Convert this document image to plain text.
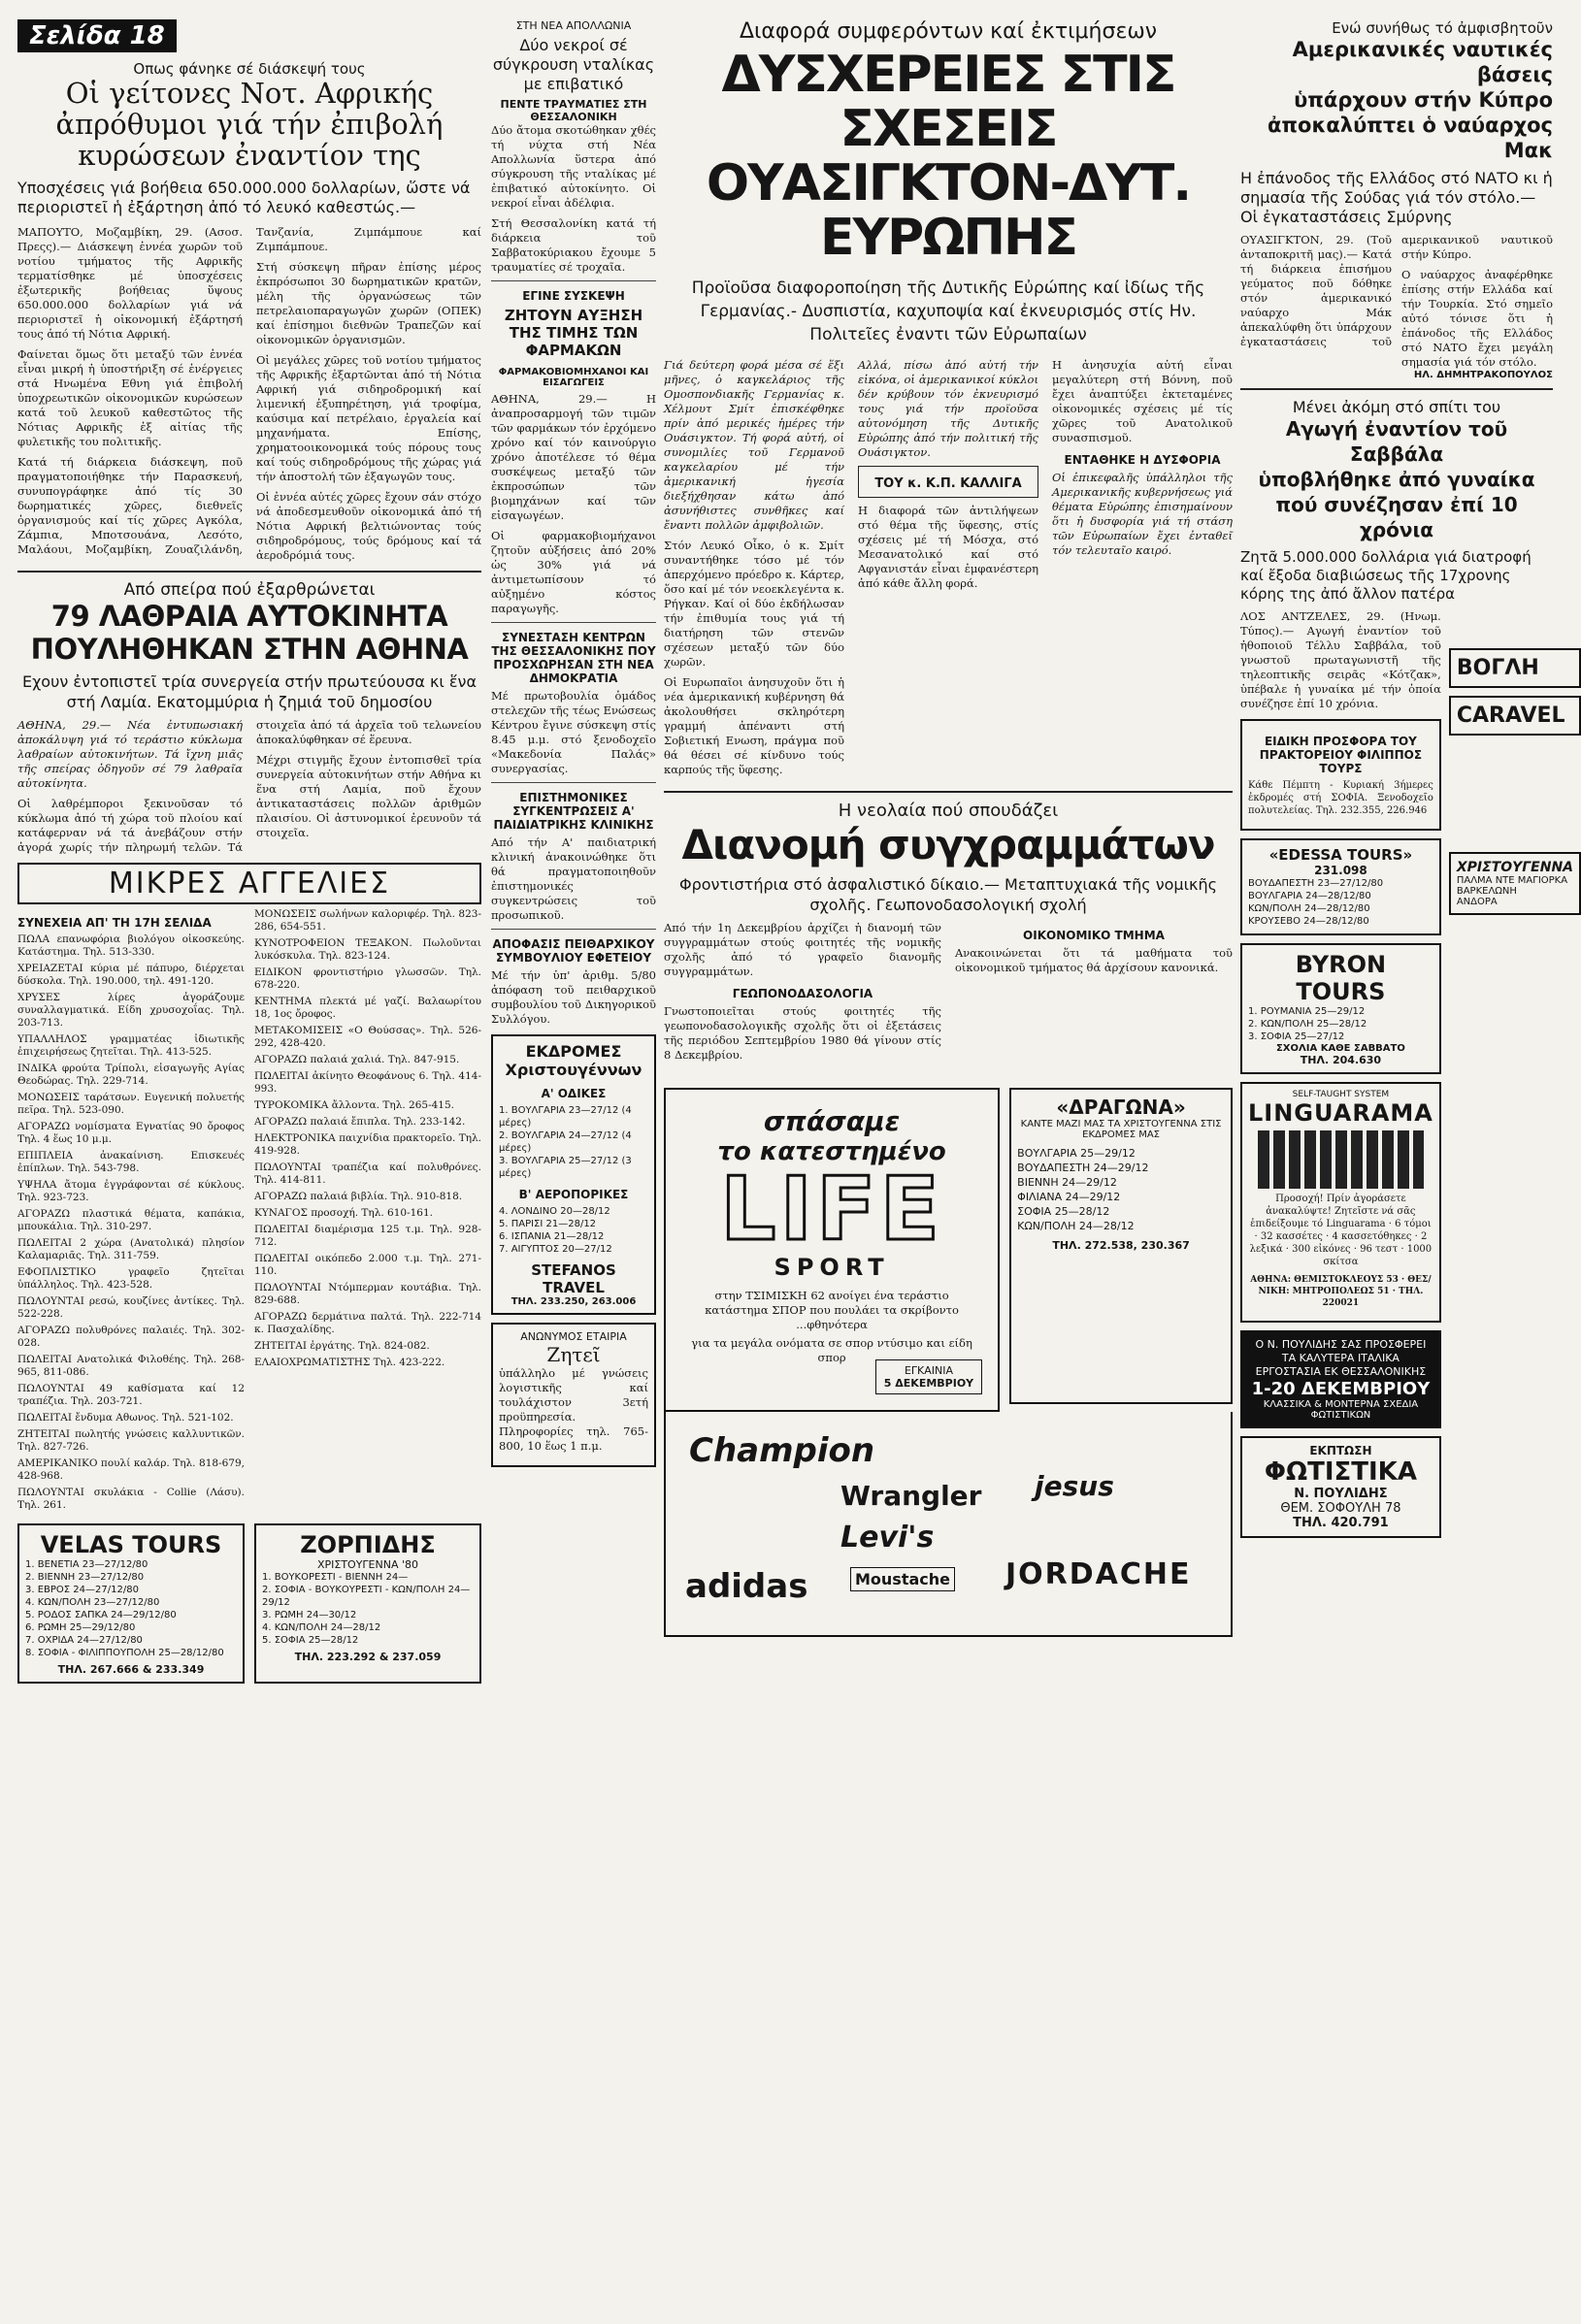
Σελίδα 18
Οπως φάνηκε σέ διάσκεψή τους
Οἱ γείτονες Νοτ. Αφρικής
ἀπρόθυμοι γιά τήν ἐπιβολή
κυρώσεων ἐναντίον της
Υποσχέσεις γιά βοήθεια 650.000.000 δολλαρίων, ὥστε νά περιοριστεῖ ἡ ἐξάρτηση ἀπό τό λευκό καθεστώς.—

ΜΑΠΟΥΤΟ, Μοζαμβίκη, 29. (Ασοσ. Πρεςς).— Διάσκεψη ἐννέα χωρῶν τοῦ νοτίου τμήματος τῆς Αφρικῆς τερματίσθηκε μέ ὑποσχέσεις ἐξωτερικῆς βοήθειας ὕψους 650.000.000 δολλαρίων γιά νά περιοριστεῖ ἡ οἰκονομική ἐξάρτησή τους ἀπό τή Νότια Αφρική.

Φαίνεται ὅμως ὅτι μεταξύ τῶν ἐννέα εἶναι μικρή ἡ ὑποστήριξη σέ ἐνέργειες στά Ηνωμένα Εθνη γιά ἐπιβολή ὑποχρεωτικῶν οἰκονομικῶν κυρώσεων κατά τοῦ λευκοῦ καθεστῶτος τῆς Νότιας Αφρικῆς ἐξ αἰτίας τῆς φυλετικῆς του πολιτικῆς.

Κατά τή διάρκεια διάσκεψη, ποῦ πραγματοποιήθηκε τήν Παρασκευή, συνυπογράφηκε ἀπό τίς 30 δωρηματικές χῶρες, διεθνεῖς ὀργανισμούς καί τίς χῶρες Αγκόλα, Ζάμπια, Μποτσουάνα, Λεσότο, Μαλάουι, Μοζαμβίκη, Ζουαζιλάνδη, Τανζανία, Ζιμπάμπουε καί Ζιμπάμπουε.

Στή σύσκεψη πῆραν ἐπίσης μέρος ἐκπρόσωποι 30 δωρηματικῶν κρατῶν, μέλη τῆς ὀργανώσεως τῶν πετρελαιοπαραγωγῶν χωρῶν (ΟΠΕΚ) καί ἐπίσημοι διεθνῶν Τραπεζῶν καί οἰκονομικῶν ὀργανισμῶν.

Οἱ μεγάλες χῶρες τοῦ νοτίου τμήματος τῆς Αφρικῆς ἐξαρτῶνται ἀπό τή Νότια Αφρική γιά σιδηροδρομική καί λιμενική ἐξυπηρέτηση, γιά τροφίμα, καύσιμα καί πετρέλαιο, ἐργαλεία καί μηχανήματα. Επίσης, χρηματοοικονομικά τούς πόρους τους καί τούς σιδηροδρόμους τῆς χώρας γιά τήν ἀποστολή τῶν ἐξαγωγῶν τους.

Οἱ ἐννέα αὐτές χῶρες ἔχουν σάν στόχο νά ἀποδεσμευθοῦν οἰκονομικά ἀπό τή Νότια Αφρική βελτιώνοντας τούς σιδηροδρόμους, τούς δρόμους καί τά ἀεροδρόμιά τους.

Από σπείρα πού ἐξαρθρώνεται
79 ΛΑΘΡΑΙΑ ΑΥΤΟΚΙΝΗΤΑ
ΠΟΥΛΗΘΗΚΑΝ ΣΤΗΝ ΑΘΗΝΑ
Εχουν ἐντοπιστεῖ τρία συνεργεία στήν πρωτεύουσα κι ἕνα στή Λαμία. Εκατομμύρια ἡ ζημιά τοῦ δημοσίου

ΑΘΗΝΑ, 29.— Νέα ἐντυπωσιακή ἀποκάλυψη γιά τό τεράστιο κύκλωμα λαθραίων αὐτοκινήτων. Τά ἴχνη μιᾶς τῆς σπείρας ὁδηγοῦν σέ 79 λαθραῖα αὐτοκίνητα.

Οἱ λαθρέμποροι ξεκινοῦσαν τό κύκλωμα ἀπό τή χώρα τοῦ πλοίου καί κατάφερναν νά τά ἀνεβάζουν στήν ἀγορά χωρίς τήν πληρωμή τελῶν. Τά στοιχεῖα ἀπό τά ἀρχεῖα τοῦ τελωνείου ἀποκαλύφθηκαν σέ ἕρευνα.

Μέχρι στιγμῆς ἔχουν ἐντοπισθεῖ τρία συνεργεία αὐτοκινήτων στήν Αθήνα κι ἕνα στή Λαμία, ποῦ ἔχουν ἀντικαταστάσεις πολλῶν ἀριθμῶν πλαισίου. Οἱ ἀστυνομικοί ἐρευνοῦν τά στοιχεῖα.

ΜΙΚΡΕΣ ΑΓΓΕΛΙΕΣ
ΣΥΝΕΧΕΙΑ ΑΠ' ΤΗ 17Η ΣΕΛΙΔΑ
ΠΩΛΑ επανωφόρια βιολόγου οἰκοσκεύης. Κατάστημα. Τηλ. 513-330.
ΧΡΕΙΑΖΕΤΑΙ κύρια μέ πάπυρο, διέρχεται δύσκολα. Τηλ. 190.000, τηλ. 491-120.
ΧΡΥΣΕΣ λίρες ἀγοράζουμε συναλλαγματικά. Είδη χρυσοχοΐας. Τηλ. 203-713.
ΥΠΑΛΛΗΛΟΣ γραμματέας ἰδιωτικῆς ἐπιχειρήσεως ζητεῖται. Τηλ. 413-525.
ΙΝΔΙΚΑ φρούτα Τρίπολι, εἰσαγωγῆς Αγίας Θεοδώρας. Τηλ. 229-714.
ΜΟΝΩΣΕΙΣ ταράτσων. Ευγενική πολυετής πεῖρα. Τηλ. 523-090.
ΑΓΟΡΑΖΩ νομίσματα Εγνατίας 90 ὄροφος Τηλ. 4 ἕως 10 μ.μ.
ΕΠΙΠΛΕΙΑ ἀνακαίνιση. Επισκευές ἐπίπλων. Τηλ. 543-798.
ΥΨΗΛΑ ἄτομα ἐγγράφονται σέ κύκλους. Τηλ. 923-723.
ΑΓΟΡΑΖΩ πλαστικά θέματα, καπάκια, μπουκάλια. Τηλ. 310-297.
ΠΩΛΕΙΤΑΙ 2 χώρα (Ανατολικά) πλησίον Καλαμαριᾶς. Τηλ. 311-759.
ΕΦΟΠΛΙΣΤΙΚΟ γραφεῖο ζητεῖται ὑπάλληλος. Τηλ. 423-528.
ΠΩΛΟΥΝΤΑΙ ρεσώ, κουζίνες ἀντίκες. Τηλ. 522-228.
ΑΓΟΡΑΖΩ πολυθρόνες παλαιές. Τηλ. 302-028.
ΠΩΛΕΙΤΑΙ Ανατολικά Φιλοθέης. Τηλ. 268-965, 811-086.
ΠΩΛΟΥΝΤΑΙ 49 καθίσματα καί 12 τραπέζια. Τηλ. 203-721.
ΠΩΛΕΙΤΑΙ ἔνδυμα Αθωνος. Τηλ. 521-102.
ΖΗΤΕΙΤΑΙ πωλητής γνώσεις καλλυντικῶν. Τηλ. 827-726.
ΑΜΕΡΙΚΑΝΙΚΟ πουλί καλάρ. Τηλ. 818-679, 428-968.
ΠΩΛΟΥΝΤΑΙ σκυλάκια - Collie (Λάσυ). Τηλ. 261.
ΜΟΝΩΣΕΙΣ σωλήνων καλοριφέρ. Τηλ. 823-286, 654-551.
ΚΥΝΟΤΡΟΦΕΙΟΝ ΤΕΞΑΚΟΝ. Πωλοῦνται λυκόσκυλα. Τηλ. 823-124.
ΕΙΔΙΚΟΝ φροντιστήριο γλωσσῶν. Τηλ. 678-220.
ΚΕΝΤΗΜΑ πλεκτά μέ γαζί. Βαλαωρίτου 18, 1ος ὄροφος.
ΜΕΤΑΚΟΜΙΣΕΙΣ «Ο Θούσσας». Τηλ. 526-292, 428-420.
ΑΓΟΡΑΖΩ παλαιά χαλιά. Τηλ. 847-915.
ΠΩΛΕΙΤΑΙ ἀκίνητο Θεοφάνους 6. Τηλ. 414-993.
ΤΥΡΟΚΟΜΙΚΑ ἄλλοντα. Τηλ. 265-415.
ΑΓΟΡΑΖΩ παλαιά ἔπιπλα. Τηλ. 233-142.
ΗΛΕΚΤΡΟΝΙΚΑ παιχνίδια πρακτορεῖο. Τηλ. 419-928.
ΠΩΛΟΥΝΤΑΙ τραπέζια καί πολυθρόνες. Τηλ. 414-811.
ΑΓΟΡΑΖΩ παλαιά βιβλία. Τηλ. 910-818.
ΚΥΝΑΓΟΣ προσοχή. Τηλ. 610-161.
ΠΩΛΕΙΤΑΙ διαμέρισμα 125 τ.μ. Τηλ. 928-712.
ΠΩΛΕΙΤΑΙ οικόπεδο 2.000 τ.μ. Τηλ. 271-110.
ΠΩΛΟΥΝΤΑΙ Ντόμπερμαν κουτάβια. Τηλ. 829-688.
ΑΓΟΡΑΖΩ δερμάτινα παλτά. Τηλ. 222-714 κ. Πασχαλίδης.
ΖΗΤΕΙΤΑΙ ἐργάτης. Τηλ. 824-082.
ΕΛΑΙΟΧΡΩΜΑΤΙΣΤΗΣ Τηλ. 423-222.
VELAS TOURS
1. ΒΕΝΕΤΙΑ 23—27/12/80
2. ΒΙΕΝΝΗ 23—27/12/80
3. ΕΒΡΟΣ 24—27/12/80
4. ΚΩΝ/ΠΟΛΗ 23—27/12/80
5. ΡΟΔΟΣ ΣΑΠΚΑ 24—29/12/80
6. ΡΩΜΗ 25—29/12/80
7. ΟΧΡΙΔΑ 24—27/12/80
8. ΣΟΦΙΑ - ΦΙΛΙΠΠΟΥΠΟΛΗ 25—28/12/80
ΤΗΛ. 267.666 & 233.349
ΖΟΡΠΙΔΗΣ
ΧΡΙΣΤΟΥΓΕΝΝΑ '80
1. ΒΟΥΚΟΡΕΣΤΙ - ΒΙΕΝΝΗ 24—
2. ΣΟΦΙΑ - ΒΟΥΚΟΥΡΕΣΤΙ - ΚΩΝ/ΠΟΛΗ 24—29/12
3. ΡΩΜΗ 24—30/12
4. ΚΩΝ/ΠΟΛΗ 24—28/12
5. ΣΟΦΙΑ 25—28/12
ΤΗΛ. 223.292 & 237.059
ΣΤΗ ΝΕΑ ΑΠΟΛΛΩΝΙΑ
Δύο νεκροί σέ σύγκρουση νταλίκας με επιβατικό
ΠΕΝΤΕ ΤΡΑΥΜΑΤΙΕΣ ΣΤΗ ΘΕΣΣΑΛΟΝΙΚΗ

Δύο ἄτομα σκοτώθηκαν χθές τή νύχτα στή Νέα Απολλωνία ὕστερα ἀπό σύγκρουση τῆς νταλίκας μέ ἐπιβατικό αὐτοκίνητο. Οἱ νεκροί εἶναι ἀδέλφια.

Στή Θεσσαλονίκη κατά τή διάρκεια τοῦ Σαββατοκύριακου ἔχουμε 5 τραυματίες σέ τροχαῖα.

ΕΓΙΝΕ ΣΥΣΚΕΨΗ
ΖΗΤΟΥΝ ΑΥΞΗΣΗ ΤΗΣ ΤΙΜΗΣ ΤΩΝ ΦΑΡΜΑΚΩΝ
ΦΑΡΜΑΚΟΒΙΟΜΗΧΑΝΟΙ ΚΑΙ ΕΙΣΑΓΩΓΕΙΣ

ΑΘΗΝΑ, 29.— Η ἀναπροσαρμογή τῶν τιμῶν τῶν φαρμάκων τόν ἐρχόμενο χρόνο καί τόν καινούργιο χρόνο ἀποτέλεσε τό θέμα συσκέψεως μεταξύ τῶν ἐκπροσώπων τῶν βιομηχάνων καί τῶν εἰσαγωγέων.

Οἱ φαρμακοβιομήχανοι ζητοῦν αὐξήσεις ἀπό 20% ὡς 30% γιά νά ἀντιμετωπίσουν τό αὐξημένο κόστος παραγωγῆς.

ΣΥΝΕΣΤΑΣΗ ΚΕΝΤΡΩΝ ΤΗΣ ΘΕΣΣΑΛΟΝΙΚΗΣ ΠΟΥ ΠΡΟΣΧΩΡΗΣΑΝ ΣΤΗ ΝΕΑ ΔΗΜΟΚΡΑΤΙΑ

Μέ πρωτοβουλία ὁμάδος στελεχῶν τῆς τέως Ενώσεως Κέντρου ἔγινε σύσκεψη στίς 8.45 μ.μ. στό ξενοδοχεῖο «Μακεδονία Παλάς» συνεργασίας.

ΕΠΙΣΤΗΜΟΝΙΚΕΣ ΣΥΓΚΕΝΤΡΩΣΕΙΣ Α' ΠΑΙΔΙΑΤΡΙΚΗΣ ΚΛΙΝΙΚΗΣ

Από τήν Α' παιδιατρική κλινική ἀνακοινώθηκε ὅτι θά πραγματοποιηθοῦν ἐπιστημονικές συγκεντρώσεις τοῦ προσωπικοῦ.

ΑΠΟΦΑΣΙΣ ΠΕΙΘΑΡΧΙΚΟΥ ΣΥΜΒΟΥΛΙΟΥ ΕΦΕΤΕΙΟΥ

Μέ τήν ὑπ' ἀριθμ. 5/80 ἀπόφαση τοῦ πειθαρχικοῦ συμβουλίου τοῦ Δικηγορικοῦ Συλλόγου.

ΕΚΔΡΟΜΕΣ Χριστουγέννων
Α' ΟΔΙΚΕΣ
1. ΒΟΥΛΓΑΡΙΑ 23—27/12 (4 μέρες)
2. ΒΟΥΛΓΑΡΙΑ 24—27/12 (4 μέρες)
3. ΒΟΥΛΓΑΡΙΑ 25—27/12 (3 μέρες)
Β' ΑΕΡΟΠΟΡΙΚΕΣ
4. ΛΟΝΔΙΝΟ 20—28/12
5. ΠΑΡΙΣΙ 21—28/12
6. ΙΣΠΑΝΙΑ 21—28/12
7. ΑΙΓΥΠΤΟΣ 20—27/12
STEFANOS TRAVEL
ΤΗΛ. 233.250, 263.006
ΑΝΩΝΥΜΟΣ ΕΤΑΙΡΙΑ
Ζητεῖ

ὑπάλληλο μέ γνώσεις λογιστικῆς καί τουλάχιστον 3ετή προϋπηρεσία. Πληροφορίες τηλ. 765-800, 10 ἕως 1 π.μ.

Διαφορά συμφερόντων καί ἐκτιμήσεων
ΔΥΣΧΕΡΕΙΕΣ ΣΤΙΣ ΣΧΕΣΕΙΣ
ΟΥΑΣΙΓΚΤΟΝ-ΔΥΤ. ΕΥΡΩΠΗΣ
Προϊοῦσα διαφοροποίηση τῆς Δυτικῆς Εὐρώπης καί ἰδίως τῆς Γερμανίας.- Δυσπιστία, καχυποψία καί ἐκνευρισμός στίς Ην. Πολιτεῖες ἐναντι τῶν Εὐρωπαίων

Γιά δεύτερη φορά μέσα σέ ἕξι μῆνες, ὁ καγκελάριος τῆς Ομοσπονδιακῆς Γερμανίας κ. Χέλμουτ Σμίτ ἐπισκέφθηκε πρίν ἀπό μερικές ἡμέρες τήν Ουάσιγκτον. Τή φορά αὐτή, οἱ συνομιλίες τοῦ Γερμανοῦ καγκελαρίου μέ τήν ἀμερικανική ἡγεσία διεξήχθησαν κάτω ἀπό ἀσυνήθιστες συνθῆκες καί ἔναντι πολλῶν ἀμφιβολιῶν.

Στόν Λευκό Οἶκο, ὁ κ. Σμίτ συναντήθηκε τόσο μέ τόν ἀπερχόμενο πρόεδρο κ. Κάρτερ, ὅσο καί μέ τόν νεοεκλεγέντα κ. Ρήγκαν. Καί οἱ δύο ἐκδήλωσαν τήν ἐπιθυμία τους γιά τή διατήρηση τῶν στενῶν σχέσεων μεταξύ τῶν δύο χωρῶν.

Οἱ Ευρωπαῖοι ἀνησυχοῦν ὅτι ἡ νέα ἀμερικανική κυβέρνηση θά ἀκολουθήσει σκληρότερη γραμμή ἀπέναντι στή Σοβιετική Ενωση, πράγμα ποῦ θά θέσει σέ κίνδυνο τούς καρπούς τῆς ὕφεσης.

Αλλά, πίσω ἀπό αὐτή τήν εἰκόνα, οἱ ἀμερικανικοί κύκλοι δέν κρύβουν τόν ἐκνευρισμό τους γιά τήν προϊοῦσα αὐτονόμηση τῆς Δυτικῆς Εὐρώπης ἀπό τήν πολιτική τῆς Ουάσιγκτον.

ΤΟΥ κ. Κ.Π. ΚΑΛΛΙΓΑ

Η διαφορά τῶν ἀντιλήψεων στό θέμα τῆς ὕφεσης, στίς σχέσεις μέ τή Μόσχα, στό Μεσανατολικό καί στό Αφγανιστάν εἶναι ἐμφανέστερη ἀπό κάθε ἄλλη φορά.

Η ἀνησυχία αὐτή εἶναι μεγαλύτερη στή Βόννη, ποῦ ἔχει ἀναπτύξει ἐκτεταμένες οἰκονομικές σχέσεις μέ τίς χῶρες τοῦ Ανατολικοῦ συνασπισμοῦ.

ΕΝΤΑΘΗΚΕ Η ΔΥΣΦΟΡΙΑ

Οἱ ἐπικεφαλῆς ὑπάλληλοι τῆς Αμερικανικῆς κυβερνήσεως γιά θέματα Εὐρώπης ἐπισημαίνουν ὅτι ἡ δυσφορία γιά τή στάση τῶν Εὐρωπαίων ἔχει ἐνταθεῖ τόν τελευταῖο καιρό.

Η νεολαία πού σπουδάζει
Διανομή συγχραμμάτων
Φροντιστήρια στό ἀσφαλιστικό δίκαιο.— Μεταπτυχιακά τῆς νομικῆς σχολῆς. Γεωπονοδασολογική σχολή

Από τήν 1η Δεκεμβρίου ἀρχίζει ἡ διανομή τῶν συγγραμμάτων στούς φοιτητές τῆς νομικῆς σχολῆς ἀπό τό γραφεῖο διανομῆς συγγραμμάτων.

ΓΕΩΠΟΝΟΔΑΣΟΛΟΓΙΑ

Γνωστοποιεῖται στούς φοιτητές τῆς γεωπονοδασολογικῆς σχολῆς ὅτι οἱ ἐξετάσεις τῆς περιόδου Σεπτεμβρίου 1980 θά γίνουν στίς 8 Δεκεμβρίου.

ΟΙΚΟΝΟΜΙΚΟ ΤΜΗΜΑ

Ανακοινώνεται ὅτι τά μαθήματα τοῦ οἰκονομικοῦ τμήματος θά ἀρχίσουν κανονικά.

σπάσαμε
το κατεστημένο
LIFE
SPORT

στην ΤΣΙΜΙΣΚΗ 62 ανοίγει ένα τεράστιο κατάστημα ΣΠΟΡ που πουλάει τα σκρίβοντο ...φθηνότερα

για τα μεγάλα ονόματα σε σπορ ντύσιμο και είδη σπορ

ΕΓΚΑΙΝΙΑ
5 ΔΕΚΕΜΒΡΙΟΥ
«ΔΡΑΓΩΝΑ»
ΚΑΝΤΕ ΜΑΖΙ ΜΑΣ ΤΑ ΧΡΙΣΤΟΥΓΕΝΝΑ ΣΤΙΣ ΕΚΔΡΟΜΕΣ ΜΑΣ
ΒΟΥΛΓΑΡΙΑ 25—29/12
ΒΟΥΔΑΠΕΣΤΗ 24—29/12
ΒΙΕΝΝΗ 24—29/12
ΦΙΛΙΑΝΑ 24—29/12
ΣΟΦΙΑ 25—28/12
ΚΩΝ/ΠΟΛΗ 24—28/12
ΤΗΛ. 272.538, 230.367
Champion
Wrangler
Levi's
adidas	JORDACHE
Moustache
jesus
Ενώ συνήθως τό ἀμφισβητοῦν
Αμερικανικές ναυτικές βάσεις
ὑπάρχουν στήν Κύπρο
ἀποκαλύπτει ὁ ναύαρχος Μακ
Η ἐπάνοδος τῆς Ελλάδος στό ΝΑΤΟ κι ἡ σημασία τῆς Σούδας γιά τόν στόλο.— Οἱ ἐγκαταστάσεις Σμύρνης

ΟΥΑΣΙΓΚΤΟΝ, 29. (Τοῦ ἀνταποκριτῆ μας).— Κατά τή διάρκεια ἐπισήμου γεύματος ποῦ δόθηκε στόν ἀμερικανικό ναύαρχο Μάκ ἀπεκαλύφθη ὅτι ὑπάρχουν ἐγκαταστάσεις τοῦ αμερικανικοῦ ναυτικοῦ στήν Κύπρο.

Ο ναύαρχος ἀναφέρθηκε ἐπίσης στήν Ελλάδα καί τήν Τουρκία. Στό σημεῖο αὐτό τόνισε ὅτι ἡ ἐπάνοδος τῆς Ελλάδος στό ΝΑΤΟ ἔχει μεγάλη σημασία γιά τόν στόλο.

ΗΛ. ΔΗΜΗΤΡΑΚΟΠΟΥΛΟΣ
Μένει ἀκόμη στό σπίτι του
Αγωγή ἐναντίον τοῦ Σαββάλα
ὑποβλήθηκε ἀπό γυναίκα
πού συνέζησαν ἐπί 10 χρόνια
Ζητᾶ 5.000.000 δολλάρια γιά διατροφή καί ἔξοδα διαβιώσεως τῆς 17χρονης κόρης της ἀπό ἄλλον πατέρα

ΛΟΣ ΑΝΤΖΕΛΕΣ, 29. (Ηνωμ. Τύπος).— Αγωγή ἐναντίον τοῦ ἠθοποιοῦ Τέλλυ Σαββάλα, τοῦ γνωστοῦ πρωταγωνιστῆ τῆς τηλεοπτικῆς σειρᾶς «Κότζακ», ὑπέβαλε ἡ γυναίκα μέ τήν ὁποία συνέζησε ἐπί 10 χρόνια.

ΕΙΔΙΚΗ ΠΡΟΣΦΟΡΑ ΤΟΥ ΠΡΑΚΤΟΡΕΙΟΥ ΦΙΛΙΠΠΟΣ ΤΟΥΡΣ

Κάθε Πέμπτη - Κυριακή 3ήμερες ἐκδρομές στή ΣΟΦΙΑ. Ξενοδοχεῖο πολυτελείας. Τηλ. 232.355, 226.946

«EDESSA TOURS»
231.098
ΒΟΥΔΑΠΕΣΤΗ 23—27/12/80
ΒΟΥΛΓΑΡΙΑ 24—28/12/80
ΚΩΝ/ΠΟΛΗ 24—28/12/80
ΚΡΟΥΣΕΒΟ 24—28/12/80
BYRON TOURS
1. ΡΟΥΜΑΝΙΑ 25—29/12
2. ΚΩΝ/ΠΟΛΗ 25—28/12
3. ΣΟΦΙΑ 25—27/12
ΣΧΟΛΙΑ ΚΑΘΕ ΣΑΒΒΑΤΟ
ΤΗΛ. 204.630
SELF-TAUGHT SYSTEM
LINGUARAMA

Προσοχή! Πρίν ἀγοράσετε ἀνακαλύψτε! Ζητεῖστε νά σᾶς ἐπιδείξουμε τό Linguarama · 6 τόμοι · 32 κασσέτες · 4 κασσετόθηκες · 2 λεξικά · 300 εἰκόνες · 96 τεστ · 1000 σκίτσα

ΑΘΗΝΑ: ΘΕΜΙΣΤΟΚΛΕΟΥΣ 53 · ΘΕΣ/ΝΙΚΗ: ΜΗΤΡΟΠΟΛΕΩΣ 51 · ΤΗΛ. 220021

Ο Ν. ΠΟΥΛΙΔΗΣ ΣΑΣ ΠΡΟΣΦΕΡΕΙ ΤΑ ΚΑΛΥΤΕΡΑ ΙΤΑΛΙΚΑ ΕΡΓΟΣΤΑΣΙΑ ΕΚ ΘΕΣΣΑΛΟΝΙΚΗΣ
1-20 ΔΕΚΕΜΒΡΙΟΥ
ΚΛΑΣΣΙΚΑ & ΜΟΝΤΕΡΝΑ ΣΧΕΔΙΑ ΦΩΤΙΣΤΙΚΩΝ
ΕΚΠΤΩΣΗ
ΦΩΤΙΣΤΙΚΑ
Ν. ΠΟΥΛΙΔΗΣ
ΘΕΜ. ΣΟΦΟΥΛΗ 78
ΤΗΛ. 420.791
ΒΟΓΛΗ
CARAVEL
ΧΡΙΣΤΟΥΓΕΝΝΑ
ΠΑΛΜΑ ΝΤΕ ΜΑΓΙΟΡΚΑ
ΒΑΡΚΕΛΩΝΗ
ΑΝΔΟΡΑ
